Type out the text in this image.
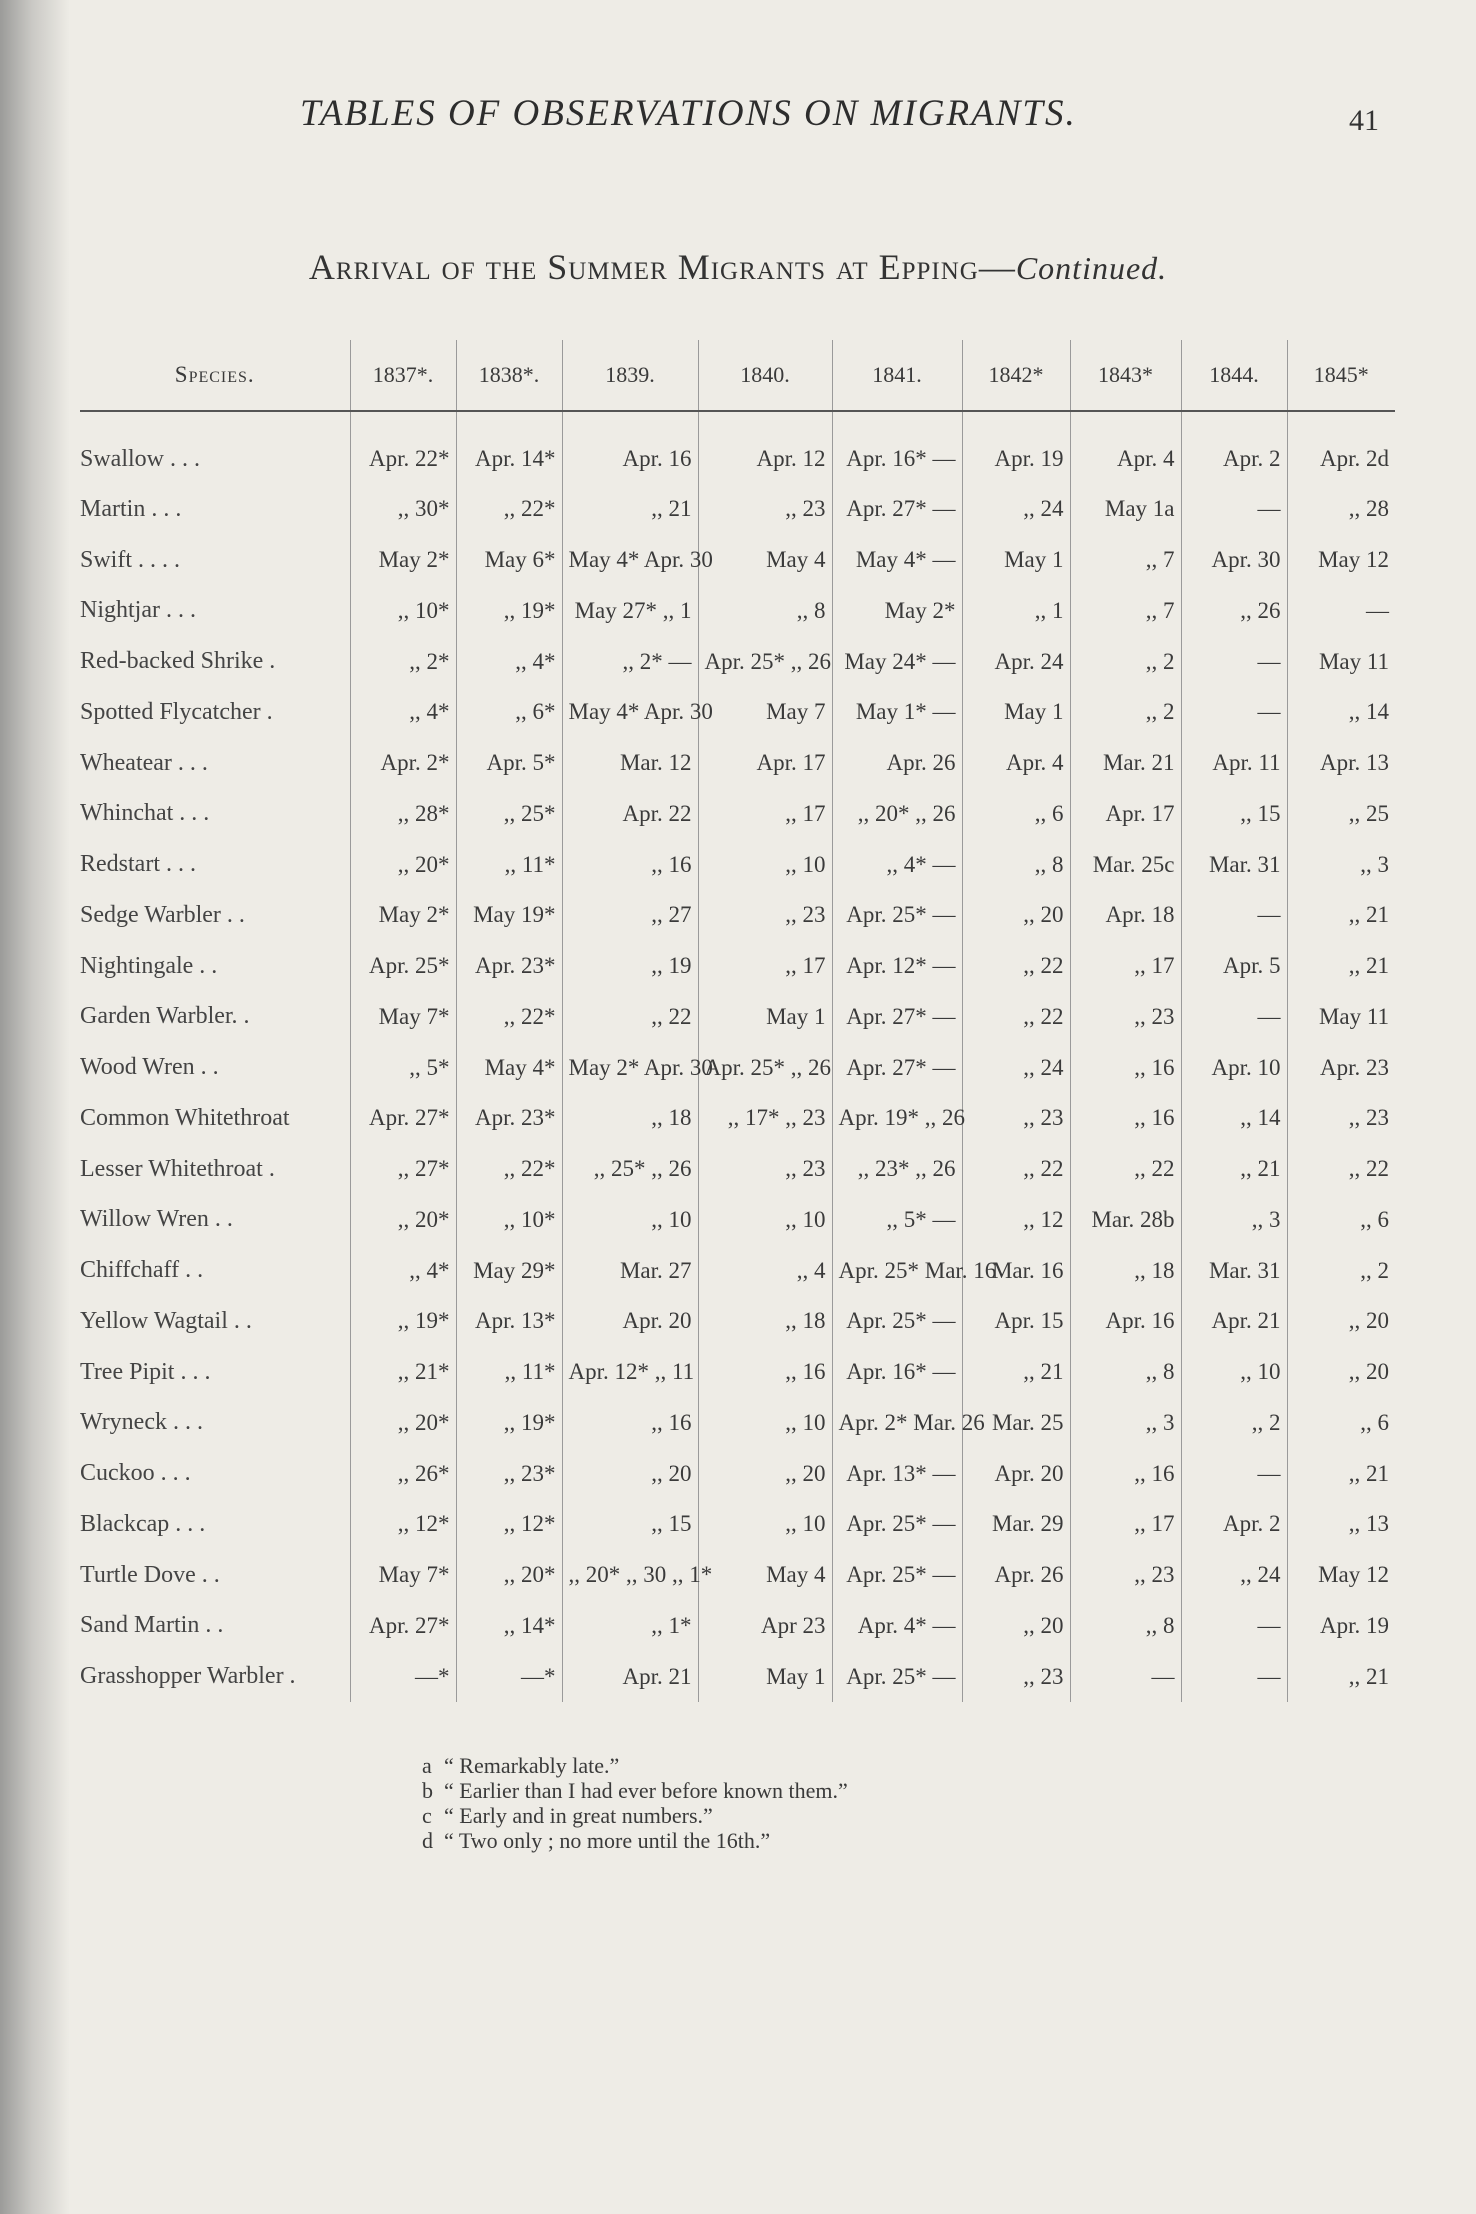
TABLES OF OBSERVATIONS ON MIGRANTS.	41
Arrival of the Summer Migrants at Epping—Continued.
Species.	1837*.	1838*.	1839.	1840.	1841.	1842*	1843*	1844.	1845*
Swallow . . .	Apr. 22*	Apr. 14*	Apr. 16	Apr. 12	Apr. 16* —	Apr. 19	Apr. 4	Apr. 2	Apr. 2d
Martin . . .	,, 30*	,, 22*	,, 21	,, 23	Apr. 27* —	,, 24	May 1a	—	,, 28
Swift . . . .	May 2*	May 6*	May 4* Apr. 30	May 4	May 4* —	May 1	,, 7	Apr. 30	May 12
Nightjar . . .	,, 10*	,, 19*	May 27* ,, 1	,, 8	May 2*	,, 1	,, 7	,, 26	—
Red-backed Shrike .	,, 2*	,, 4*	,, 2* —	Apr. 25* ,, 26	May 24* —	Apr. 24	,, 2	—	May 11
Spotted Flycatcher .	,, 4*	,, 6*	May 4* Apr. 30	May 7	May 1* —	May 1	,, 2	—	,, 14
Wheatear . . .	Apr. 2*	Apr. 5*	Mar. 12	Apr. 17	Apr. 26	Apr. 4	Mar. 21	Apr. 11	Apr. 13
Whinchat . . .	,, 28*	,, 25*	Apr. 22	,, 17	,, 20* ,, 26	,, 6	Apr. 17	,, 15	,, 25
Redstart . . .	,, 20*	,, 11*	,, 16	,, 10	,, 4* —	,, 8	Mar. 25c	Mar. 31	,, 3
Sedge Warbler . .	May 2*	May 19*	,, 27	,, 23	Apr. 25* —	,, 20	Apr. 18	—	,, 21
Nightingale . .	Apr. 25*	Apr. 23*	,, 19	,, 17	Apr. 12* —	,, 22	,, 17	Apr. 5	,, 21
Garden Warbler. .	May 7*	,, 22*	,, 22	May 1	Apr. 27* —	,, 22	,, 23	—	May 11
Wood Wren . .	,, 5*	May 4*	May 2* Apr. 30	Apr. 25* ,, 26	Apr. 27* —	,, 24	,, 16	Apr. 10	Apr. 23
Common Whitethroat	Apr. 27*	Apr. 23*	,, 18	,, 17* ,, 23	Apr. 19* ,, 26	,, 23	,, 16	,, 14	,, 23
Lesser Whitethroat .	,, 27*	,, 22*	,, 25* ,, 26	,, 23	,, 23* ,, 26	,, 22	,, 22	,, 21	,, 22
Willow Wren . .	,, 20*	,, 10*	,, 10	,, 10	,, 5* —	,, 12	Mar. 28b	,, 3	,, 6
Chiffchaff . .	,, 4*	May 29*	Mar. 27	,, 4	Apr. 25* Mar. 16	Mar. 16	,, 18	Mar. 31	,, 2
Yellow Wagtail . .	,, 19*	Apr. 13*	Apr. 20	,, 18	Apr. 25* —	Apr. 15	Apr. 16	Apr. 21	,, 20
Tree Pipit . . .	,, 21*	,, 11*	Apr. 12* ,, 11	,, 16	Apr. 16* —	,, 21	,, 8	,, 10	,, 20
Wryneck . . .	,, 20*	,, 19*	,, 16	,, 10	Apr. 2* Mar. 26	Mar. 25	,, 3	,, 2	,, 6
Cuckoo . . .	,, 26*	,, 23*	,, 20	,, 20	Apr. 13* —	Apr. 20	,, 16	—	,, 21
Blackcap . . .	,, 12*	,, 12*	,, 15	,, 10	Apr. 25* —	Mar. 29	,, 17	Apr. 2	,, 13
Turtle Dove . .	May 7*	,, 20*	,, 20* ,, 30 ,, 1*	May 4	Apr. 25* —	Apr. 26	,, 23	,, 24	May 12
Sand Martin . .	Apr. 27*	,, 14*	,, 1*	Apr 23	Apr. 4* —	,, 20	,, 8	—	Apr. 19
Grasshopper Warbler .	—*	—*	Apr. 21	May 1	Apr. 25* —	,, 23	—	—	,, 21
a “ Remarkably late.”
b “ Earlier than I had ever before known them.”
c “ Early and in great numbers.”
d “ Two only ; no more until the 16th.”
